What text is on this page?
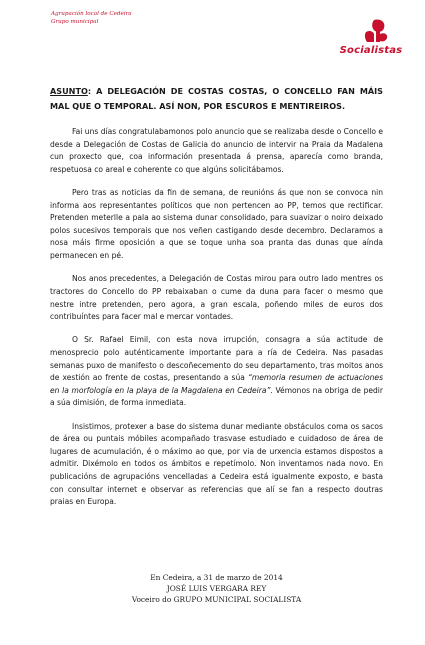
Agrupación local de Cedeira
Grupo municipal
Socialistas
ASUNTO: A DELEGACIÓN DE COSTAS COSTAS, O CONCELLO FAN MÁIS MAL QUE O TEMPORAL. ASÍ NON, POR ESCUROS E MENTIREIROS.

Fai uns días congratulabamonos polo anuncio que se realizaba desde o Concello e desde a Delegación de Costas de Galicia do anuncio de intervir na Praia da Madalena cun proxecto que, coa información presentada á prensa, aparecía como branda, respetuosa co areal e coherente co que algúns solicitábamos.

Pero tras as noticias da fin de semana, de reunións ás que non se convoca nin informa aos representantes políticos que non pertencen ao PP, temos que rectificar. Pretenden meterlle a pala ao sistema dunar consolidado, para suavizar o noiro deixado polos sucesivos temporais que nos veñen castigando desde decembro. Declaramos a nosa máis firme oposición a que se toque unha soa pranta das dunas que aínda permanecen en pé.

Nos anos precedentes, a Delegación de Costas mirou para outro lado mentres os tractores do Concello do PP rebaixaban o cume da duna para facer o mesmo que nestre intre pretenden, pero agora, a gran escala, poñendo miles de euros dos contribuíntes para facer mal e mercar vontades.

O Sr. Rafael Eimil, con esta nova irrupción, consagra a súa actitude de menosprecio polo auténticamente importante para a ría de Cedeira. Nas pasadas semanas puxo de manifesto o descoñecemento do seu departamento, tras moitos anos de xestión ao frente de costas, presentando a súa “memoria resumen de actuaciones en la morfología en la playa de la Magdalena en Cedeira”. Vémonos na obriga de pedir a súa dimisión, de forma inmediata.

Insistimos, protexer a base do sistema dunar mediante obstáculos coma os sacos de área ou puntais móbiles acompañado trasvase estudiado e cuidadoso de área de lugares de acumulación, é o máximo ao que, por via de urxencia estamos dispostos a admitir. Dixémolo en todos os ámbitos e repetímolo. Non inventamos nada novo. En publicacións de agrupacións vencelladas a Cedeira está igualmente exposto, e basta con consultar internet e observar as referencias que alí se fan a respecto doutras praias en Europa.

En Cedeira, a 31 de marzo de 2014
JOSÉ LUIS VERGARA REY
Voceiro do GRUPO MUNICIPAL SOCIALISTA
